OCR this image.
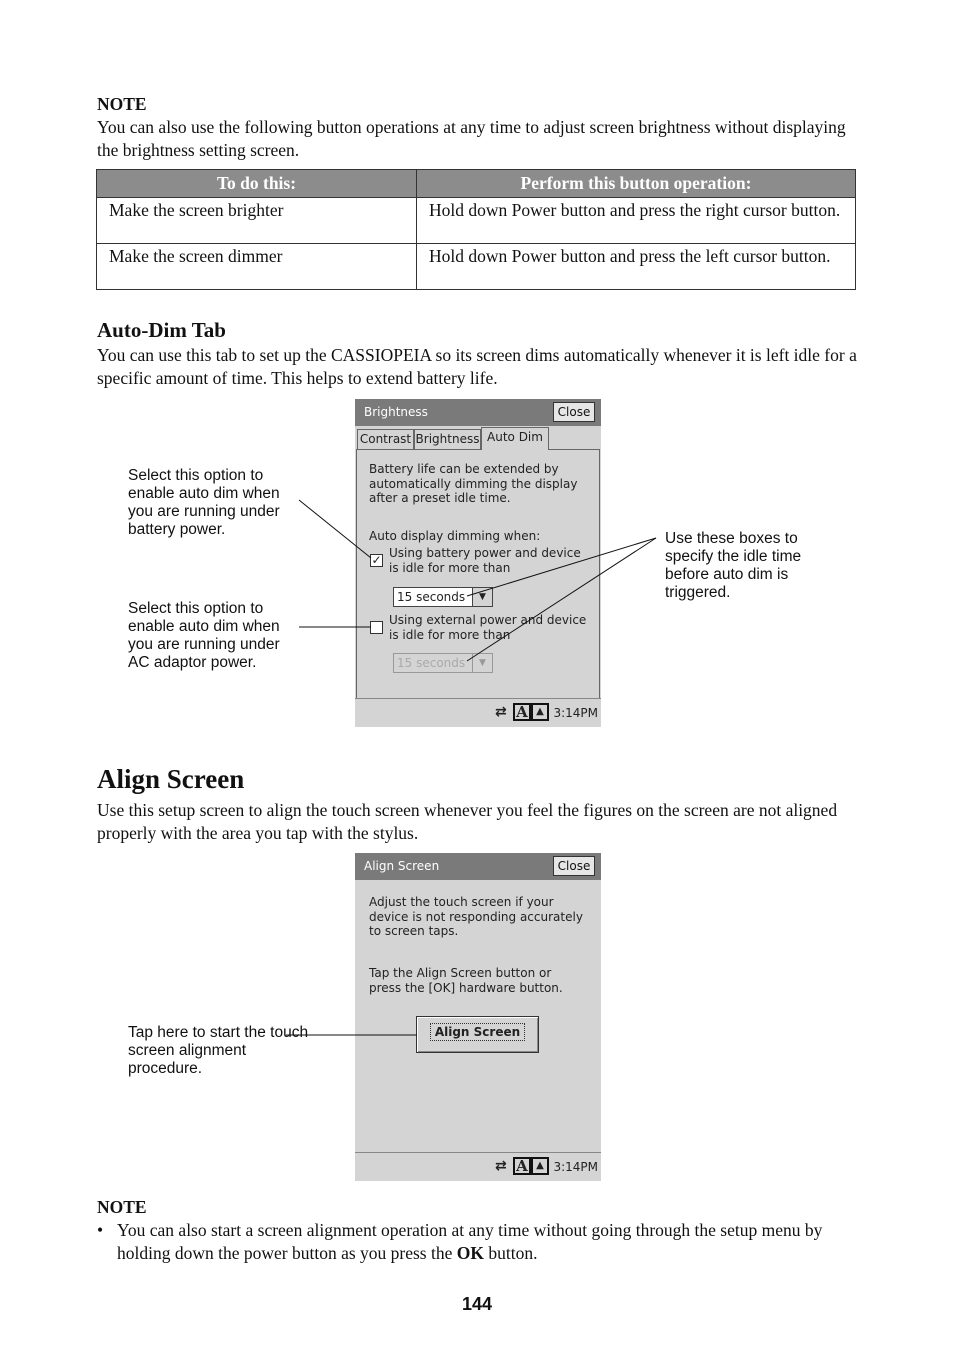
NOTE
You can also use the following button operations at any time to adjust screen brightness without displaying the brightness setting screen.
To do this:	Perform this button operation:
Make the screen brighter	Hold down Power button and press the right cursor button.
Make the screen dimmer	Hold down Power button and press the left cursor button.
Auto-Dim Tab
You can use this tab to set up the CASSIOPEIA so its screen dims automatically whenever it is left idle for a specific amount of time. This helps to extend battery life.
Brightness	Close
Contrast Brightness Auto Dim
Battery life can be extended by automatically dimming the display after a preset idle time.
Auto display dimming when:
✓ Using battery power and device is idle for more than
15 seconds	▼
Using external power and device is idle for more than
15 seconds	▼
⇄ A ▲ 3:14PM
Select this option to enable auto dim when you are running under battery power.
Select this option to enable auto dim when you are running under AC adaptor power.
Use these boxes to specify the idle time before auto dim is triggered.
Align Screen
Use this setup screen to align the touch screen whenever you feel the figures on the screen are not aligned properly with the area you tap with the stylus.
Align Screen	Close
Adjust the touch screen if your device is not responding accurately to screen taps.
Tap the Align Screen button or press the [OK] hardware button.
Align Screen
⇄ A ▲ 3:14PM
Tap here to start the touch screen alignment procedure.
NOTE
• You can also start a screen alignment operation at any time without going through the setup menu by holding down the power button as you press the OK button.
144
